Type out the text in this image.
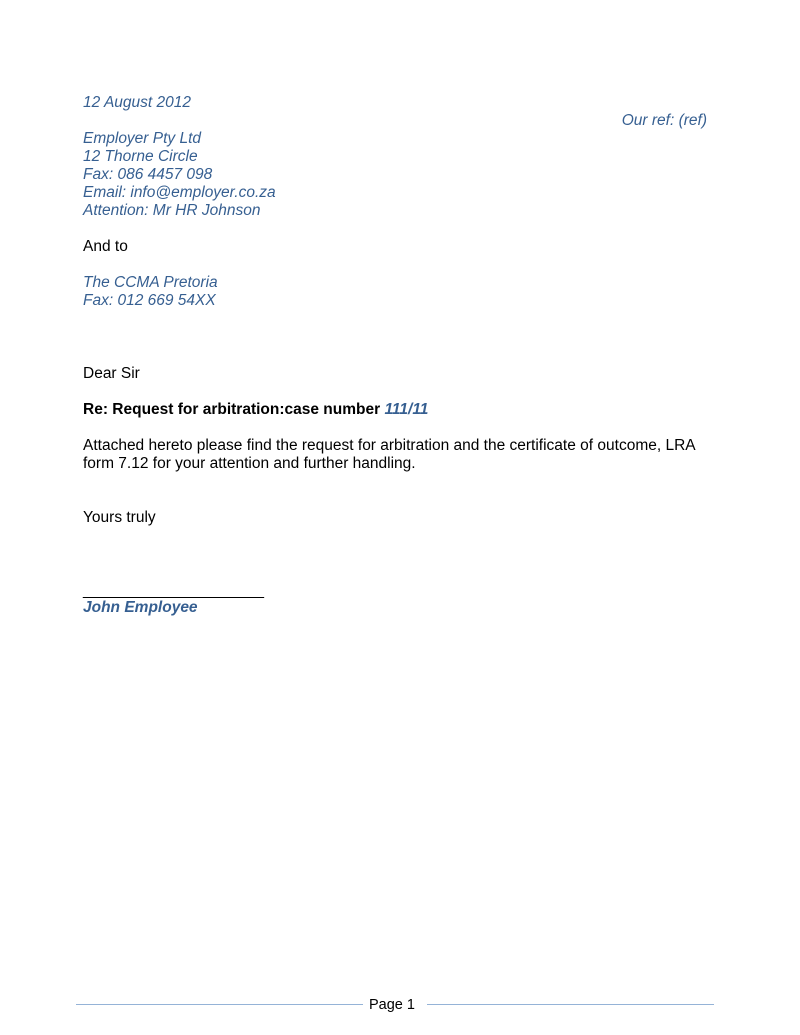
12 August 2012
Our ref: (ref)
Employer Pty Ltd
12 Thorne Circle
Fax: 086 4457 098
Email: info@employer.co.za
Attention: Mr HR Johnson
And to
The CCMA Pretoria
Fax: 012 669 54XX
Dear Sir
Re: Request for arbitration:case number 111/11
Attached hereto please find the request for arbitration and the certificate of outcome, LRA
form 7.12 for your attention and further handling.
Yours truly
_____________________
John Employee
Page 1
